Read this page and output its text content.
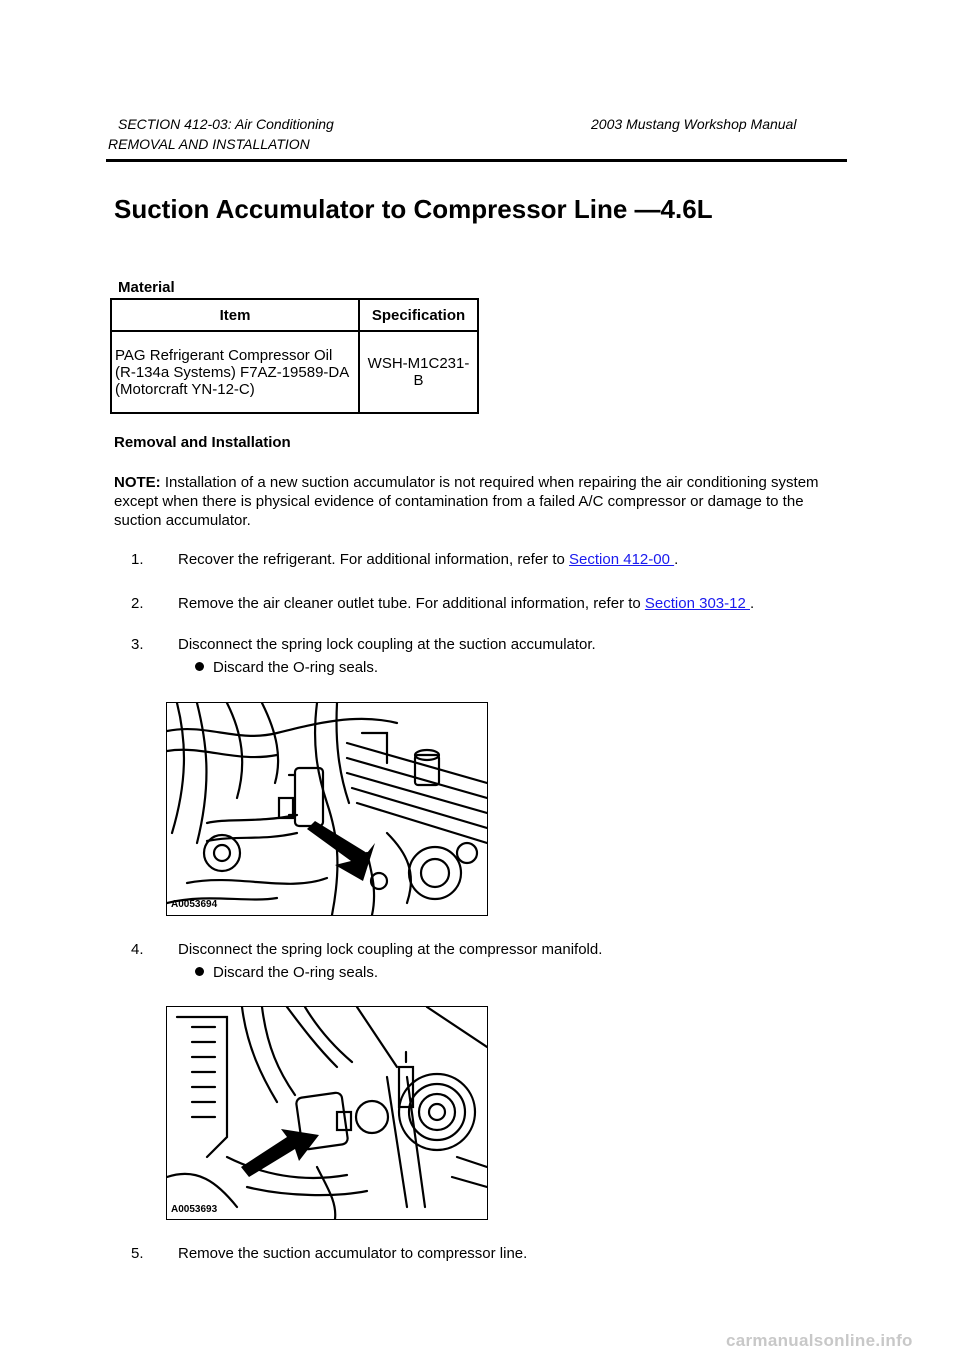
SECTION 412-03: Air Conditioning	2003 Mustang Workshop Manual
REMOVAL AND INSTALLATION
Suction Accumulator to Compressor Line —4.6L
Material
Item	Specification
PAG Refrigerant Compressor Oil (R-134a Systems) F7AZ-19589-DA (Motorcraft YN-12-C)	WSH-M1C231-B
Removal and Installation
NOTE: Installation of a new suction accumulator is not required when repairing the air conditioning system except when there is physical evidence of contamination from a failed A/C compressor or damage to the suction accumulator.
1. Recover the refrigerant. For additional information, refer to Section 412-00 .
2. Remove the air cleaner outlet tube. For additional information, refer to Section 303-12 .
3. Disconnect the spring lock coupling at the suction accumulator.
Discard the O-ring seals.
A0053694
4. Disconnect the spring lock coupling at the compressor manifold.
Discard the O-ring seals.
A0053693
5. Remove the suction accumulator to compressor line.
carmanualsonline.info
